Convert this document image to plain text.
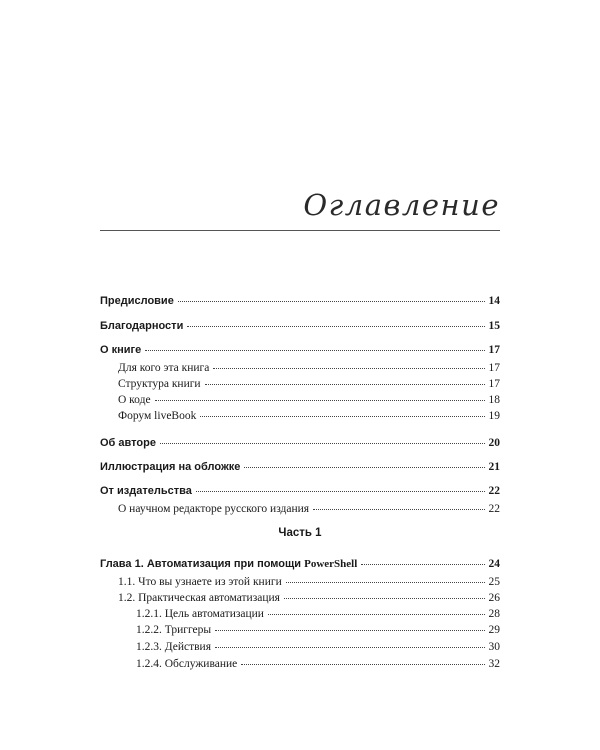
Оглавление
Предисловие	14
Благодарности	15
О книге	17
Для кого эта книга	17
Структура книги	17
О коде	18
Форум liveBook	19
Об авторе	20
Иллюстрация на обложке	21
От издательства	22
О научном редакторе русского издания	22
Глава 1. Автоматизация при помощи PowerShell	24
1.1. Что вы узнаете из этой книги	25
1.2. Практическая автоматизация	26
1.2.1. Цель автоматизации	28
1.2.2. Триггеры	29
1.2.3. Действия	30
1.2.4. Обслуживание	32
Часть 1
